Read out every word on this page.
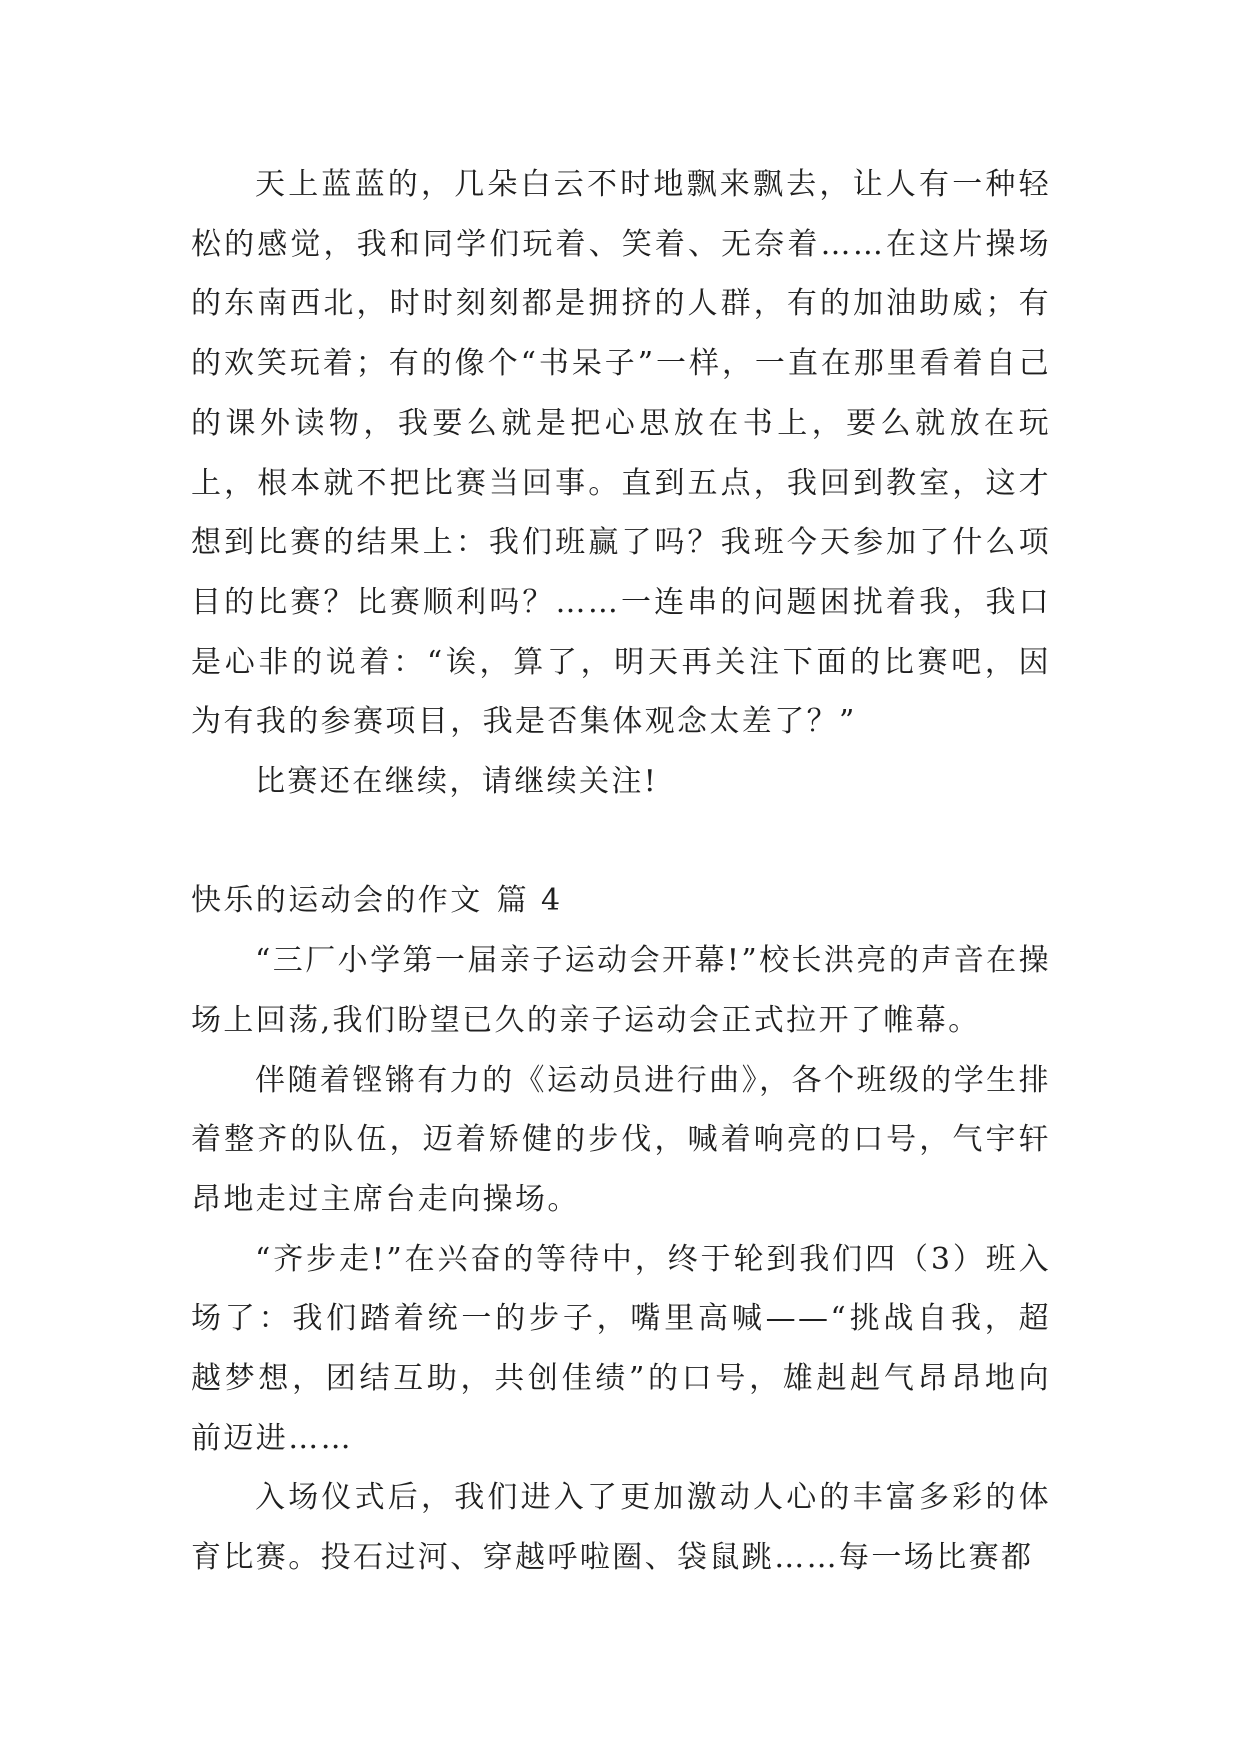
天上蓝蓝的，几朵白云不时地飘来飘去，让人有一种轻松的感觉，我和同学们玩着、笑着、无奈着……在这片操场的东南西北，时时刻刻都是拥挤的人群，有的加油助威；有的欢笑玩着；有的像个“书呆子”一样，一直在那里看着自己的课外读物，我要么就是把心思放在书上，要么就放在玩上，根本就不把比赛当回事。直到五点，我回到教室，这才想到比赛的结果上：我们班赢了吗？我班今天参加了什么项目的比赛？比赛顺利吗？……一连串的问题困扰着我，我口是心非的说着：“诶，算了，明天再关注下面的比赛吧，因为有我的参赛项目，我是否集体观念太差了？”

比赛还在继续，请继续关注!

快乐的运动会的作文 篇 4

“三厂小学第一届亲子运动会开幕!”校长洪亮的声音在操场上回荡,我们盼望已久的亲子运动会正式拉开了帷幕。

伴随着铿锵有力的《运动员进行曲》，各个班级的学生排着整齐的队伍，迈着矫健的步伐，喊着响亮的口号，气宇轩昂地走过主席台走向操场。

“齐步走!”在兴奋的等待中，终于轮到我们四（3）班入场了：我们踏着统一的步子，嘴里高喊——“挑战自我，超越梦想，团结互助，共创佳绩”的口号，雄赳赳气昂昂地向前迈进……

入场仪式后，我们进入了更加激动人心的丰富多彩的体育比赛。投石过河、穿越呼啦圈、袋鼠跳……每一场比赛都
